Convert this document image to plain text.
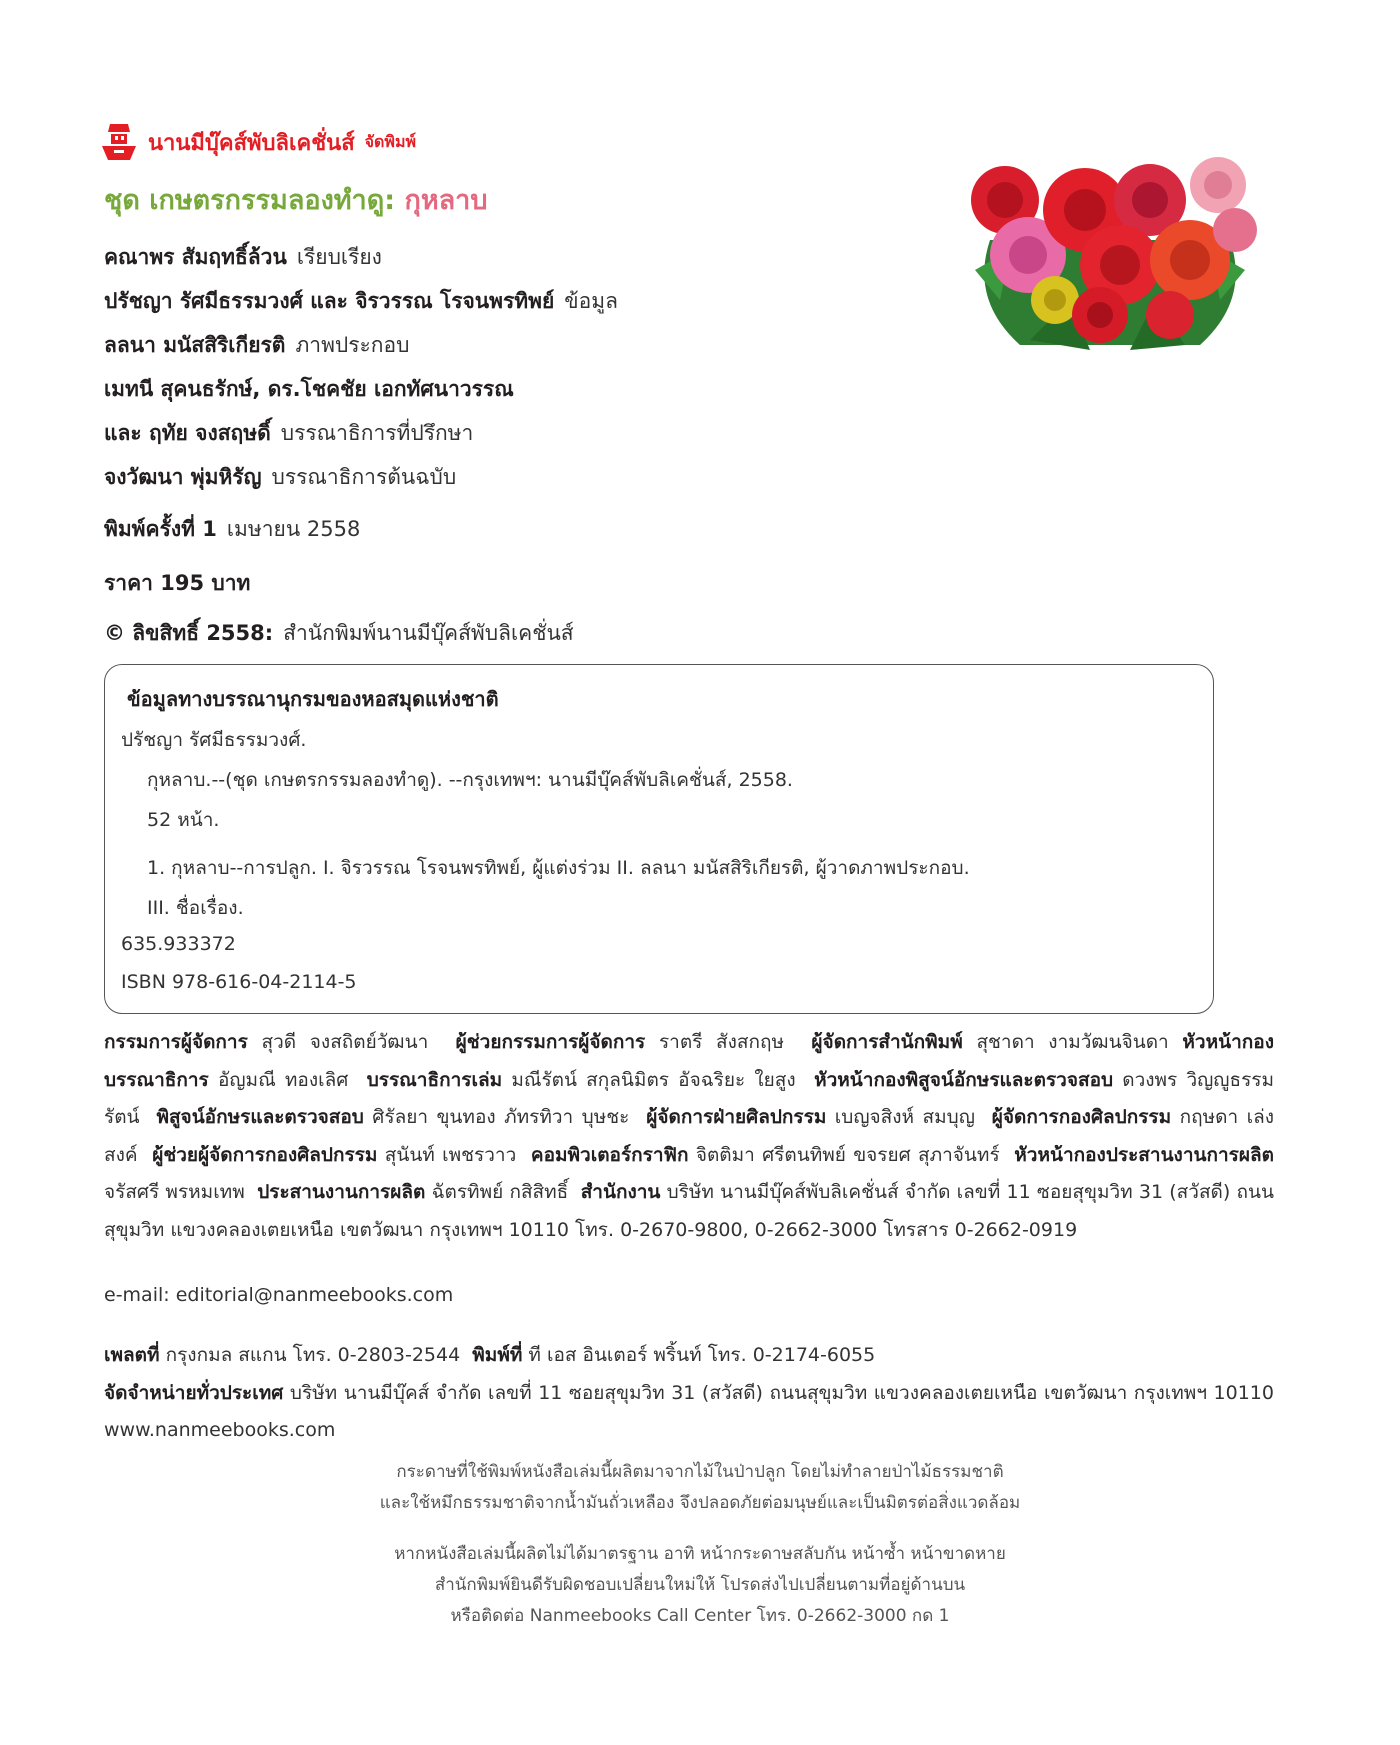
นานมีบุ๊คส์พับลิเคชั่นส์ จัดพิมพ์
ชุด เกษตรกรรมลองทำดู: กุหลาบ
คณาพร สัมฤทธิ์ล้วน เรียบเรียง
ปรัชญา รัศมีธรรมวงศ์ และ จิรวรรณ โรจนพรทิพย์ ข้อมูล
ลลนา มนัสสิริเกียรติ ภาพประกอบ
เมทนี สุคนธรักษ์, ดร.โชคชัย เอกทัศนาวรรณ
และ ฤทัย จงสฤษดิ์ บรรณาธิการที่ปรึกษา
จงวัฒนา พุ่มหิรัญ บรรณาธิการต้นฉบับ
พิมพ์ครั้งที่ 1 เมษายน 2558
ราคา 195 บาท
© ลิขสิทธิ์ 2558: สำนักพิมพ์นานมีบุ๊คส์พับลิเคชั่นส์
ข้อมูลทางบรรณานุกรมของหอสมุดแห่งชาติ
ปรัชญา รัศมีธรรมวงศ์.
กุหลาบ.--(ชุด เกษตรกรรมลองทำดู). --กรุงเทพฯ: นานมีบุ๊คส์พับลิเคชั่นส์, 2558.
52 หน้า.
1. กุหลาบ--การปลูก. I. จิรวรรณ โรจนพรทิพย์, ผู้แต่งร่วม II. ลลนา มนัสสิริเกียรติ, ผู้วาดภาพประกอบ.
III. ชื่อเรื่อง.
635.933372
ISBN 978-616-04-2114-5
กรรมการผู้จัดการ สุวดี จงสถิตย์วัฒนา ผู้ช่วยกรรมการผู้จัดการ ราตรี สังสกฤษ ผู้จัดการสำนักพิมพ์ สุชาดา งามวัฒนจินดา หัวหน้ากองบรรณาธิการ อัญมณี ทองเลิศ บรรณาธิการเล่ม มณีรัตน์ สกุลนิมิตร อัจฉริยะ ใยสูง หัวหน้ากองพิสูจน์อักษรและตรวจสอบ ดวงพร วิญญูธรรมรัตน์ พิสูจน์อักษรและตรวจสอบ ศิรัลยา ขุนทอง ภัทรทิวา บุษชะ ผู้จัดการฝ่ายศิลปกรรม เบญจสิงห์ สมบุญ ผู้จัดการกองศิลปกรรม กฤษดา เล่งสงค์ ผู้ช่วยผู้จัดการกองศิลปกรรม สุนันท์ เพชรวาว คอมพิวเตอร์กราฟิก จิตติมา ศรีตนทิพย์ ขจรยศ สุภาจันทร์ หัวหน้ากองประสานงานการผลิต จรัสศรี พรหมเทพ ประสานงานการผลิต ฉัตรทิพย์ กสิสิทธิ์ สำนักงาน บริษัท นานมีบุ๊คส์พับลิเคชั่นส์ จำกัด เลขที่ 11 ซอยสุขุมวิท 31 (สวัสดี) ถนนสุขุมวิท แขวงคลองเตยเหนือ เขตวัฒนา กรุงเทพฯ 10110 โทร. 0-2670-9800, 0-2662-3000 โทรสาร 0-2662-0919
e-mail: editorial@nanmeebooks.com
เพลตที่ กรุงกมล สแกน โทร. 0-2803-2544 พิมพ์ที่ ที เอส อินเตอร์ พริ้นท์ โทร. 0-2174-6055
จัดจำหน่ายทั่วประเทศ บริษัท นานมีบุ๊คส์ จำกัด เลขที่ 11 ซอยสุขุมวิท 31 (สวัสดี) ถนนสุขุมวิท แขวงคลองเตยเหนือ เขตวัฒนา กรุงเทพฯ 10110 www.nanmeebooks.com
กระดาษที่ใช้พิมพ์หนังสือเล่มนี้ผลิตมาจากไม้ในป่าปลูก โดยไม่ทำลายป่าไม้ธรรมชาติ
และใช้หมึกธรรมชาติจากน้ำมันถั่วเหลือง จึงปลอดภัยต่อมนุษย์และเป็นมิตรต่อสิ่งแวดล้อม
หากหนังสือเล่มนี้ผลิตไม่ได้มาตรฐาน อาทิ หน้ากระดาษสลับกัน หน้าซ้ำ หน้าขาดหาย
สำนักพิมพ์ยินดีรับผิดชอบเปลี่ยนใหม่ให้ โปรดส่งไปเปลี่ยนตามที่อยู่ด้านบน
หรือติดต่อ Nanmeebooks Call Center โทร. 0-2662-3000 กด 1
